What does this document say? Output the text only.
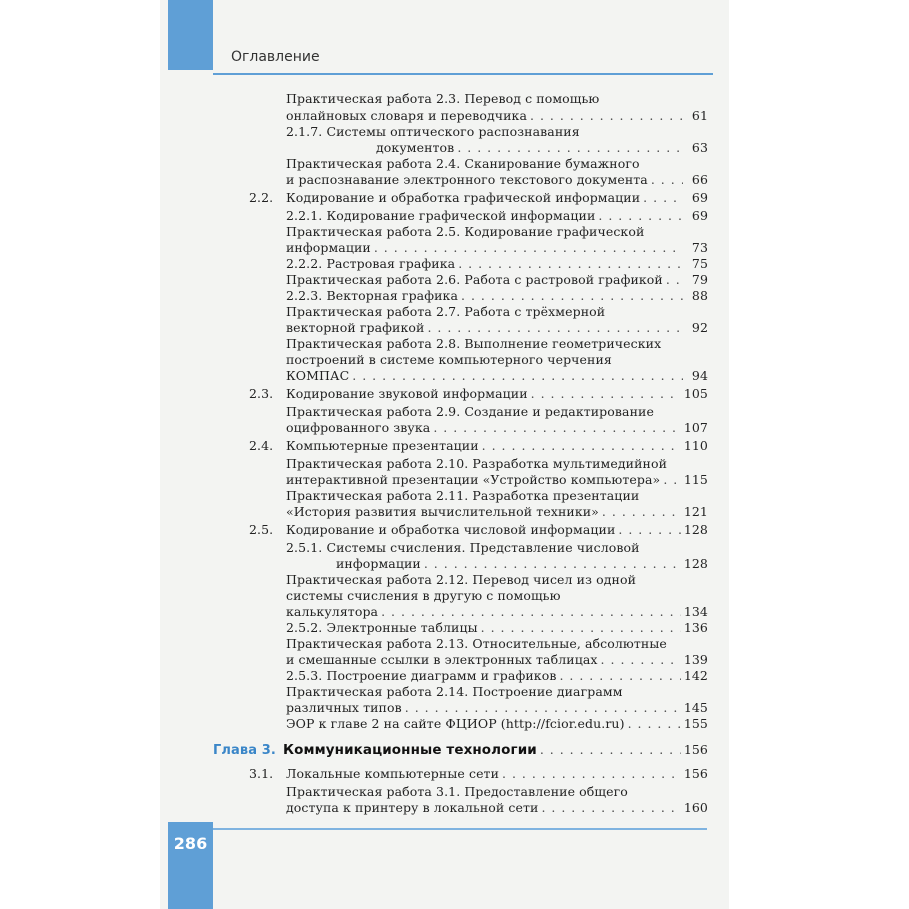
Оглавление
286
Практическая работа 2.3. Перевод с помощью
онлайновых словаря и переводчика . . .	61
2.1.7. Системы оптического распознавания
документов . . .	63
Практическая работа 2.4. Сканирование бумажного
и распознавание электронного текстового документа . . .	66
2.2.	Кодирование и обработка графической информации . . .	69
2.2.1. Кодирование графической информации . . .	69
Практическая работа 2.5. Кодирование графической
информации . . .	73
2.2.2. Растровая графика . . .	75
Практическая работа 2.6. Работа с растровой графикой . . .	79
2.2.3. Векторная графика . . .	88
Практическая работа 2.7. Работа с трёхмерной
векторной графикой . . .	92
Практическая работа 2.8. Выполнение геометрических
построений в системе компьютерного черчения
КОМПАС . . .	94
2.3.	Кодирование звуковой информации . . .	105
Практическая работа 2.9. Создание и редактирование
оцифрованного звука . . .	107
2.4.	Компьютерные презентации . . .	110
Практическая работа 2.10. Разработка мультимедийной
интерактивной презентации «Устройство компьютера» . . . 115
Практическая работа 2.11. Разработка презентации
«История развития вычислительной техники» . . .	121
2.5.	Кодирование и обработка числовой информации . . .	128
2.5.1. Системы счисления. Представление числовой
информации . . .	128
Практическая работа 2.12. Перевод чисел из одной
системы счисления в другую с помощью
калькулятора . . .	134
2.5.2. Электронные таблицы . . .	136
Практическая работа 2.13. Относительные, абсолютные
и смешанные ссылки в электронных таблицах . . .	139
2.5.3. Построение диаграмм и графиков . . .	142
Практическая работа 2.14. Построение диаграмм
различных типов . . .	145
ЭОР к главе 2 на сайте ФЦИОР (http://fcior.edu.ru) . . .	155
Глава 3. Коммуникационные технологии . . .	156
3.1.	Локальные компьютерные сети . . .	156
Практическая работа 3.1. Предоставление общего
доступа к принтеру в локальной сети . . .	160
